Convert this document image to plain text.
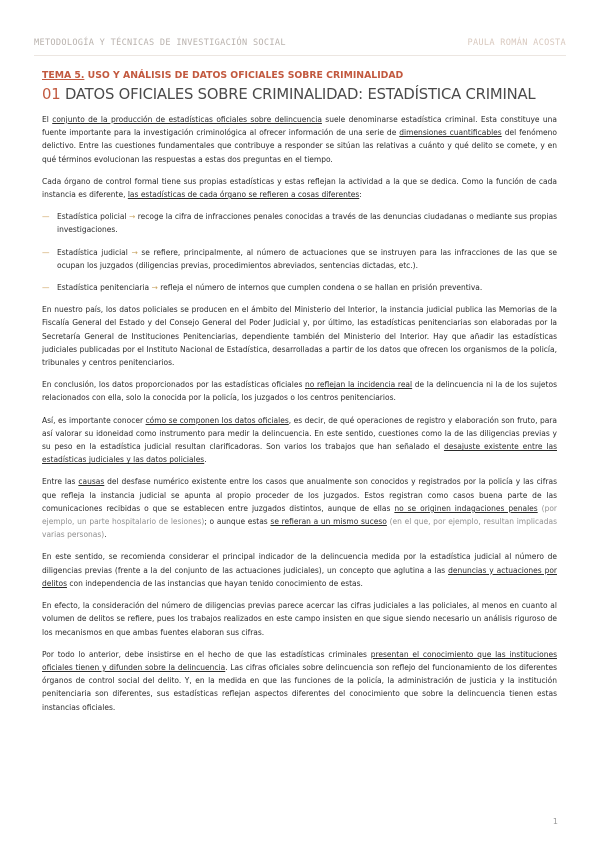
METODOLOGÍA Y TÉCNICAS DE INVESTIGACIÓN SOCIAL	PAULA ROMÁN ACOSTA
TEMA 5. USO Y ANÁLISIS DE DATOS OFICIALES SOBRE CRIMINALIDAD
01 DATOS OFICIALES SOBRE CRIMINALIDAD: ESTADÍSTICA CRIMINAL

El conjunto de la producción de estadísticas oficiales sobre delincuencia suele denominarse estadística criminal. Esta constituye una fuente importante para la investigación criminológica al ofrecer información de una serie de dimensiones cuantificables del fenómeno delictivo. Entre las cuestiones fundamentales que contribuye a responder se sitúan las relativas a cuánto y qué delito se comete, y en qué términos evolucionan las respuestas a estas dos preguntas en el tiempo.

Cada órgano de control formal tiene sus propias estadísticas y estas reflejan la actividad a la que se dedica. Como la función de cada instancia es diferente, las estadísticas de cada órgano se refieren a cosas diferentes:

— Estadística policial → recoge la cifra de infracciones penales conocidas a través de las denuncias ciudadanas o mediante sus propias investigaciones.
— Estadística judicial → se refiere, principalmente, al número de actuaciones que se instruyen para las infracciones de las que se ocupan los juzgados (diligencias previas, procedimientos abreviados, sentencias dictadas, etc.).
— Estadística penitenciaria → refleja el número de internos que cumplen condena o se hallan en prisión preventiva.

En nuestro país, los datos policiales se producen en el ámbito del Ministerio del Interior, la instancia judicial publica las Memorias de la Fiscalía General del Estado y del Consejo General del Poder Judicial y, por último, las estadísticas penitenciarias son elaboradas por la Secretaría General de Instituciones Penitenciarias, dependiente también del Ministerio del Interior. Hay que añadir las estadísticas judiciales publicadas por el Instituto Nacional de Estadística, desarrolladas a partir de los datos que ofrecen los organismos de la policía, tribunales y centros penitenciarios.

En conclusión, los datos proporcionados por las estadísticas oficiales no reflejan la incidencia real de la delincuencia ni la de los sujetos relacionados con ella, solo la conocida por la policía, los juzgados o los centros penitenciarios.

Así, es importante conocer cómo se componen los datos oficiales, es decir, de qué operaciones de registro y elaboración son fruto, para así valorar su idoneidad como instrumento para medir la delincuencia. En este sentido, cuestiones como la de las diligencias previas y su peso en la estadística judicial resultan clarificadoras. Son varios los trabajos que han señalado el desajuste existente entre las estadísticas judiciales y las datos policiales.

Entre las causas del desfase numérico existente entre los casos que anualmente son conocidos y registrados por la policía y las cifras que refleja la instancia judicial se apunta al propio proceder de los juzgados. Estos registran como casos buena parte de las comunicaciones recibidas o que se establecen entre juzgados distintos, aunque de ellas no se originen indagaciones penales (por ejemplo, un parte hospitalario de lesiones); o aunque estas se refieran a un mismo suceso (en el que, por ejemplo, resultan implicadas varias personas).

En este sentido, se recomienda considerar el principal indicador de la delincuencia medida por la estadística judicial al número de diligencias previas (frente a la del conjunto de las actuaciones judiciales), un concepto que aglutina a las denuncias y actuaciones por delitos con independencia de las instancias que hayan tenido conocimiento de estas.

En efecto, la consideración del número de diligencias previas parece acercar las cifras judiciales a las policiales, al menos en cuanto al volumen de delitos se refiere, pues los trabajos realizados en este campo insisten en que sigue siendo necesario un análisis riguroso de los mecanismos en que ambas fuentes elaboran sus cifras.

Por todo lo anterior, debe insistirse en el hecho de que las estadísticas criminales presentan el conocimiento que las instituciones oficiales tienen y difunden sobre la delincuencia. Las cifras oficiales sobre delincuencia son reflejo del funcionamiento de los diferentes órganos de control social del delito. Y, en la medida en que las funciones de la policía, la administración de justicia y la institución penitenciaria son diferentes, sus estadísticas reflejan aspectos diferentes del conocimiento que sobre la delincuencia tienen estas instancias oficiales.

1
